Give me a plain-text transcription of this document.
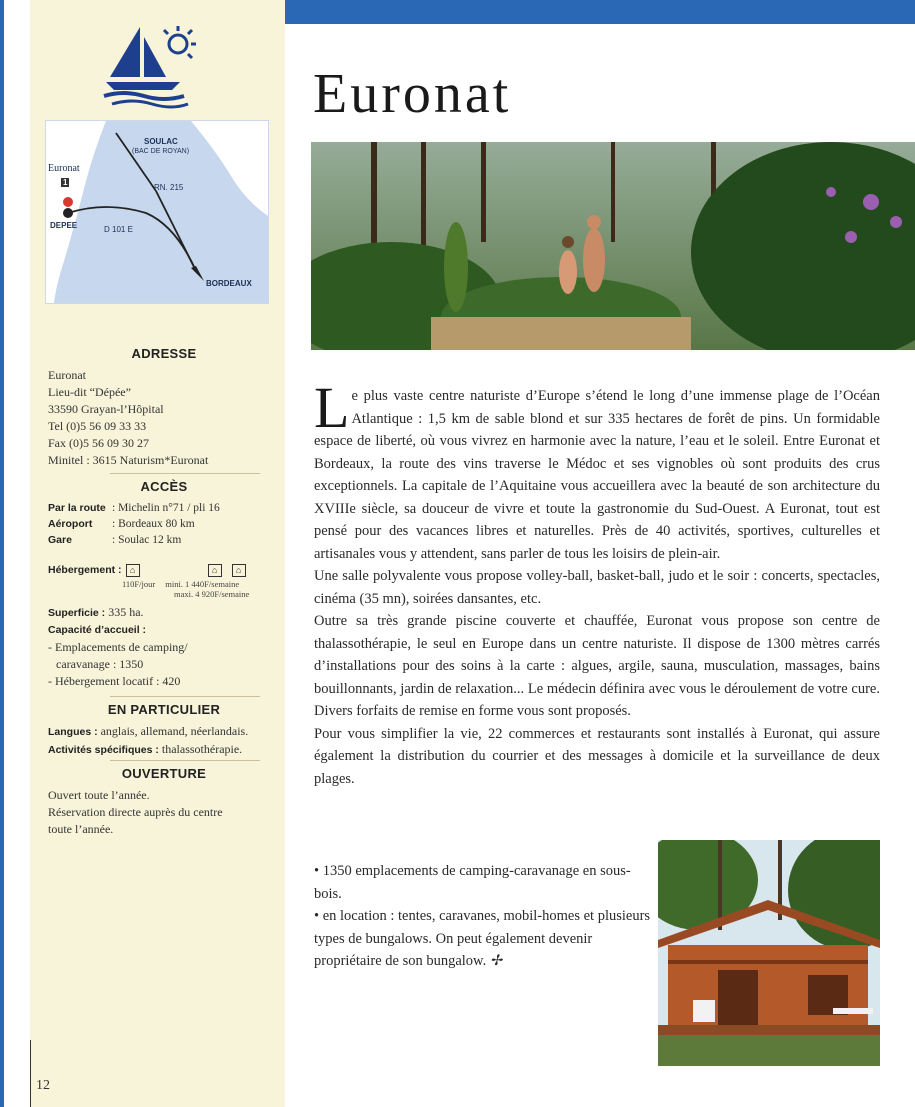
SOULAC
(BAC DE ROYAN)
Euronat
1
DEPEE
RN. 215
D 101 E
BORDEAUX
ADRESSE
Euronat
Lieu-dit “Dépée”
33590 Grayan-l’Hôpital
Tel (0)5 56 09 33 33
Fax (0)5 56 09 30 27
Minitel : 3615 Naturism*Euronat
ACCÈS
Par la route : Michelin n°71 / pli 16
Aéroport	: Bordeaux 80 km
Gare	: Soulac 12 km
Hébergement : ⌂	⌂	⌂
110F/jour mini. 1 440F/semaine
maxi. 4 920F/semaine
Superficie : 335 ha.
Capacité d’accueil :
- Emplacements de camping/
caravanage : 1350
- Hébergement locatif : 420
EN PARTICULIER
Langues : anglais, allemand, néerlandais.
Activités spécifiques : thalassothérapie.
OUVERTURE
Ouvert toute l’année.
Réservation directe auprès du centre
toute l’année.
12
Euronat

Le plus vaste centre naturiste d’Europe s’étend le long d’une immense plage de l’Océan Atlantique : 1,5 km de sable blond et sur 335 hectares de forêt de pins. Un formidable espace de liberté, où vous vivrez en harmonie avec la nature, l’eau et le soleil. Entre Euronat et Bordeaux, la route des vins traverse le Médoc et ses vignobles où sont produits des crus exceptionnels. La capitale de l’Aquitaine vous accueillera avec la beauté de son architecture du XVIIIe siècle, sa douceur de vivre et toute la gastronomie du Sud-Ouest. A Euronat, tout est pensé pour des vacances libres et naturelles. Près de 40 activités, sportives, culturelles et artisanales vous y attendent, sans parler de tous les loisirs de plein-air.

Une salle polyvalente vous propose volley-ball, basket-ball, judo et le soir : concerts, spectacles, cinéma (35 mn), soirées dansantes, etc.

Outre sa très grande piscine couverte et chauffée, Euronat vous propose son centre de thalassothérapie, le seul en Europe dans un centre naturiste. Il dispose de 1300 mètres carrés d’installations pour des soins à la carte : algues, argile, sauna, musculation, massages, bains bouillonnants, jardin de relaxation... Le médecin définira avec vous le déroulement de votre cure. Divers forfaits de remise en forme vous sont proposés.

Pour vous simplifier la vie, 22 commerces et restaurants sont installés à Euronat, qui assure également la distribution du courrier et des messages à domicile et la surveillance de deux plages.

• 1350 emplacements de camping-caravanage en sous-bois.

• en location : tentes, caravanes, mobil-homes et plusieurs types de bungalows. On peut également devenir propriétaire de son bungalow. ✢
